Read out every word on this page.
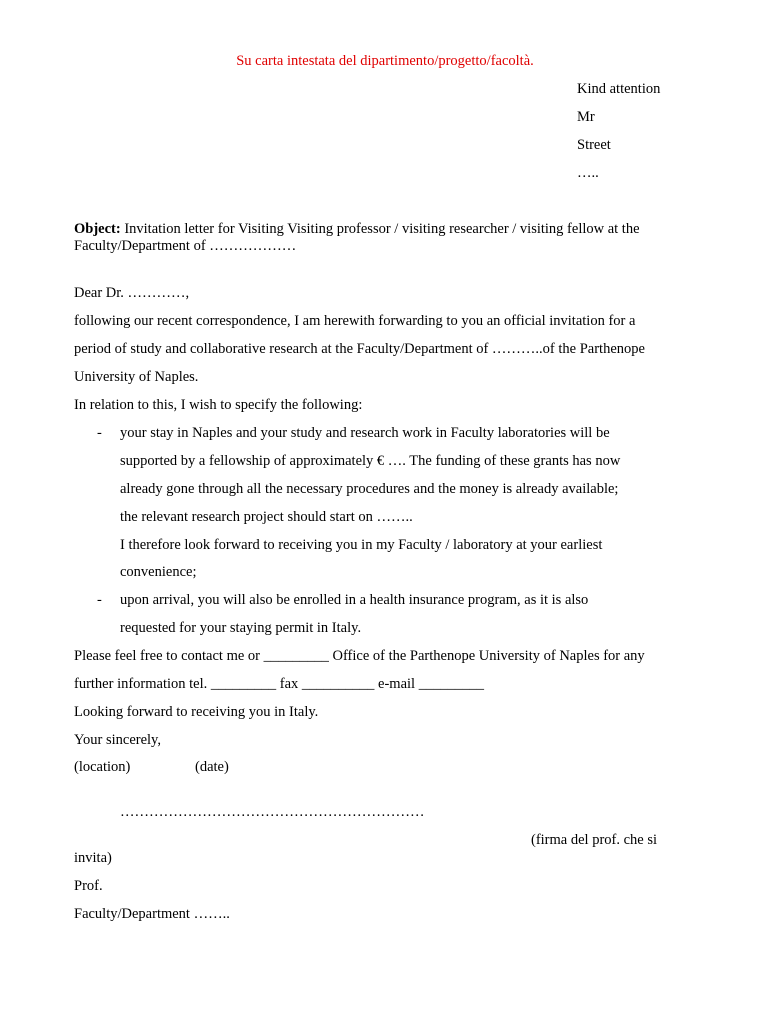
Su carta intestata del dipartimento/progetto/facoltà.
Kind attention
Mr
Street
…..
Object: Invitation letter for Visiting Visiting professor / visiting researcher / visiting fellow at the
Faculty/Department of ………………
Dear Dr. …………,
following our recent correspondence, I am herewith forwarding to you an official invitation for a
period of study and collaborative research at the Faculty/Department of ………..of the Parthenope
University of Naples.
In relation to this, I wish to specify the following:
- your stay in Naples and your study and research work in Faculty laboratories will be
supported by a fellowship of approximately € …. The funding of these grants has now
already gone through all the necessary procedures and the money is already available;
the relevant research project should start on ……..
I therefore look forward to receiving you in my Faculty / laboratory at your earliest
convenience;
- upon arrival, you will also be enrolled in a health insurance program, as it is also
requested for your staying permit in Italy.
Please feel free to contact me or _________ Office of the Parthenope University of Naples for any
further information tel. _________ fax __________ e-mail _________
Looking forward to receiving you in Italy.
Your sincerely,
(location)	(date)
………………………………………………………
(firma del prof. che si
invita)
Prof.
Faculty/Department ……..
